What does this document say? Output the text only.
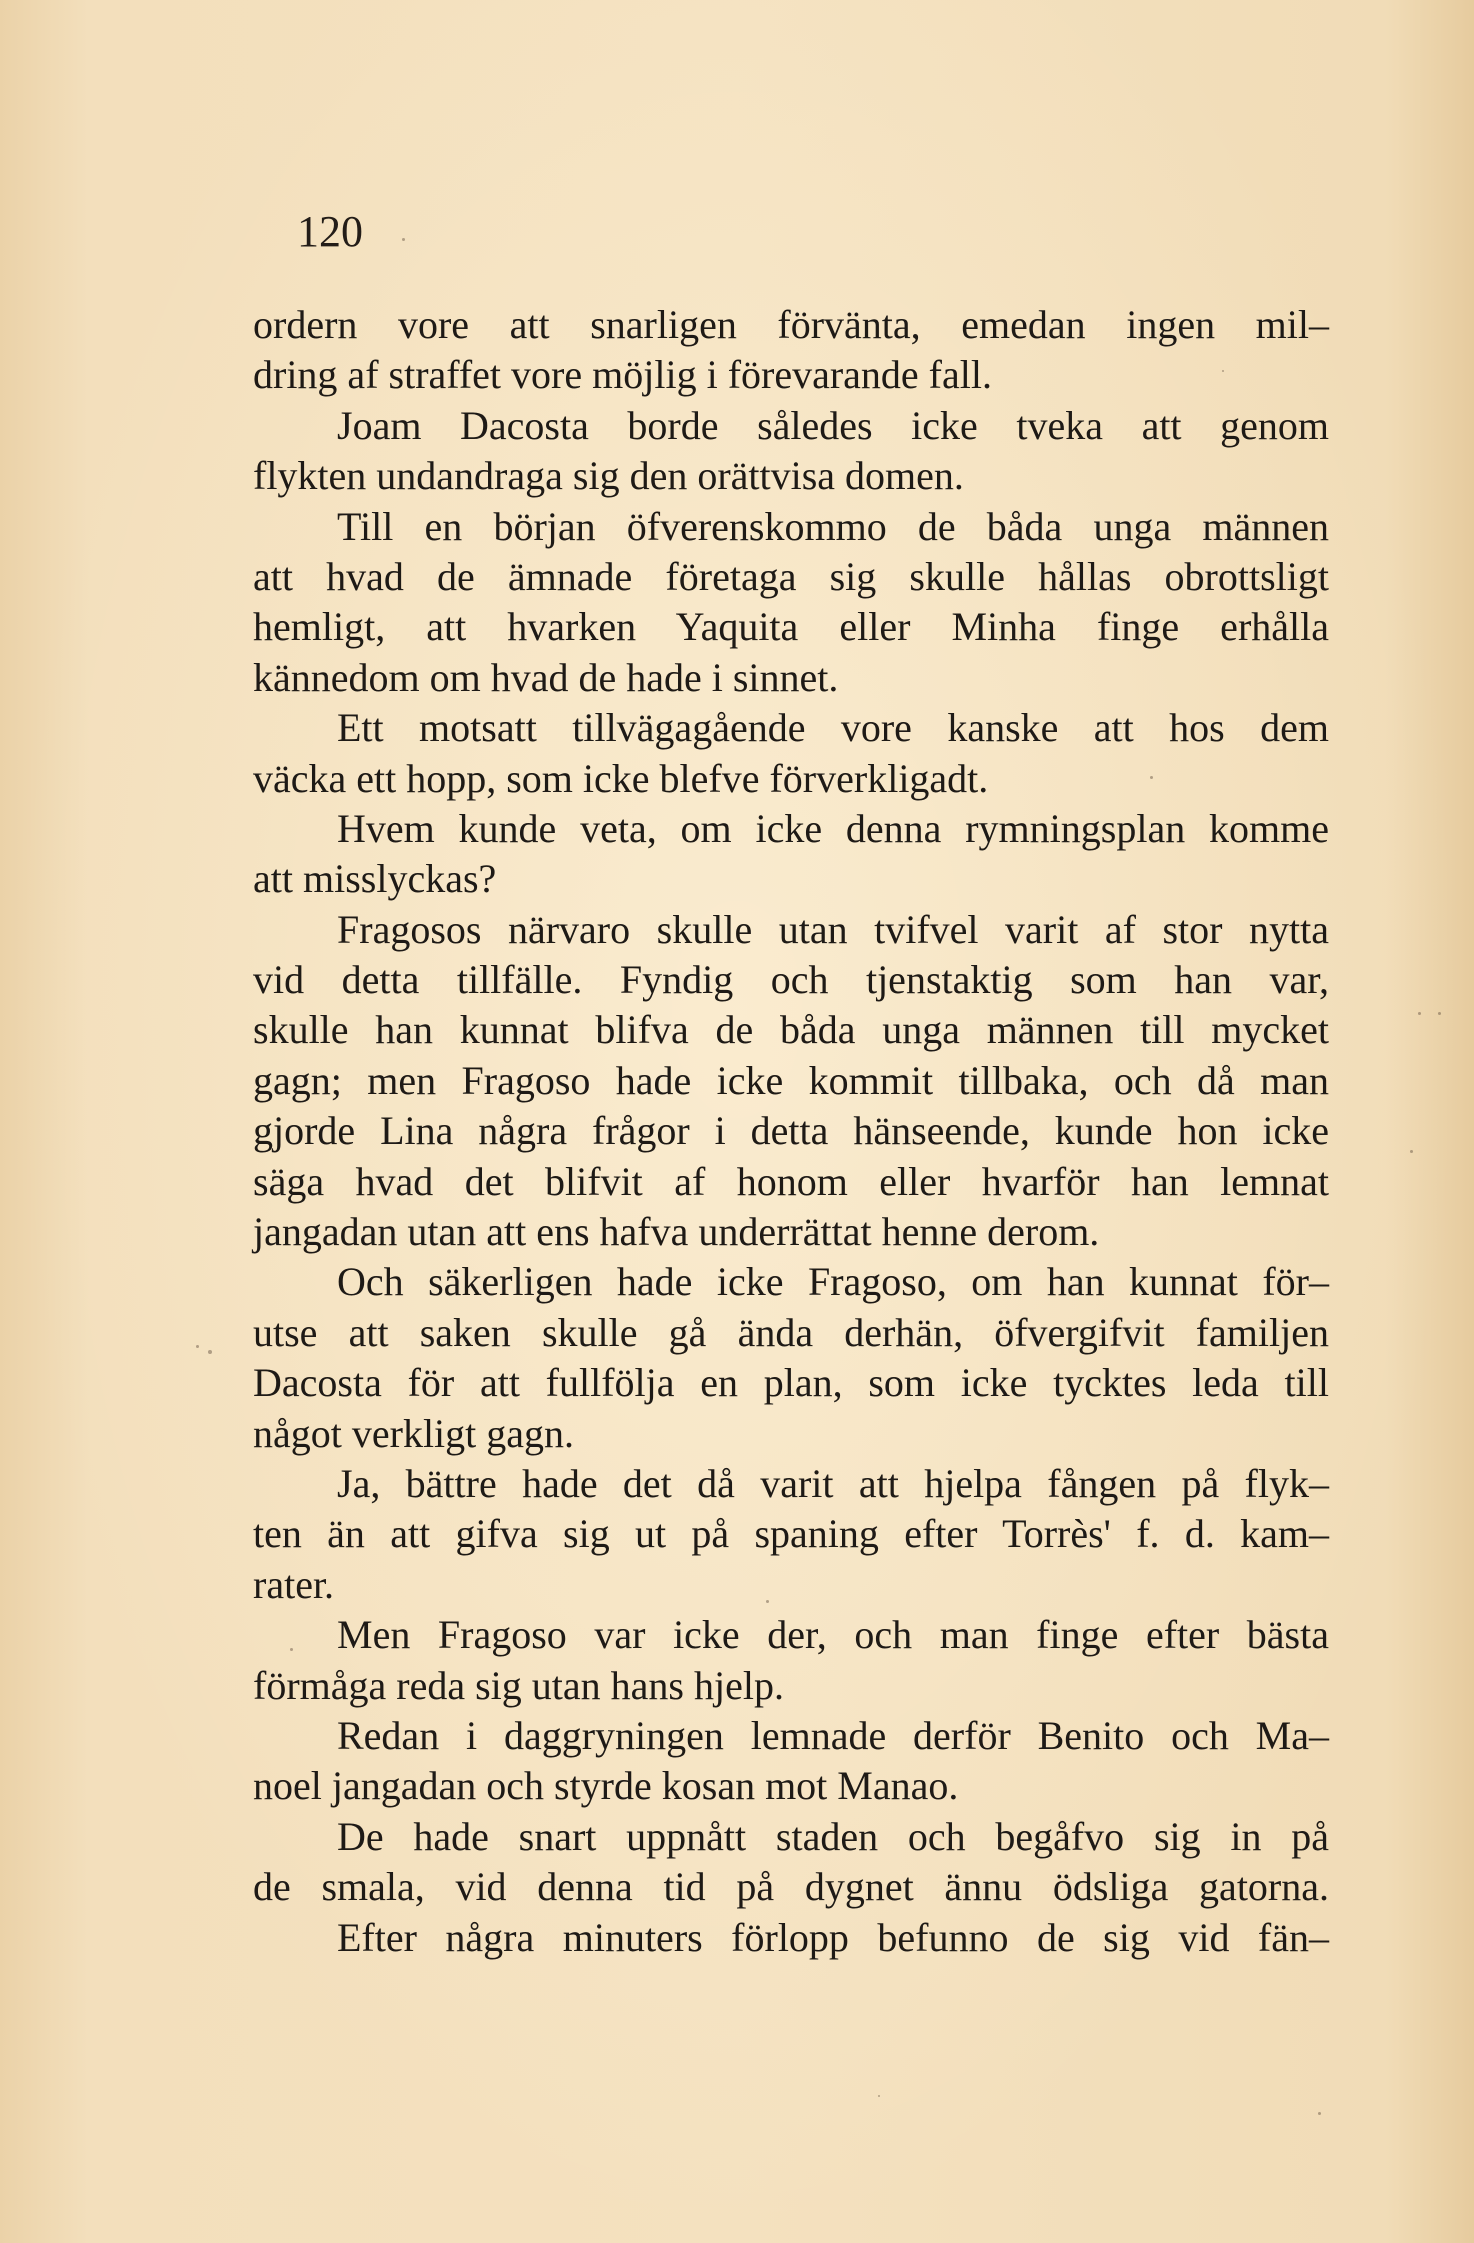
120
ordern vore att snarligen förvänta, emedan ingen mil–
dring af straffet vore möjlig i förevarande fall.
Joam Dacosta borde således icke tveka att genom
flykten undandraga sig den orättvisa domen.
Till en början öfverenskommo de båda unga männen
att hvad de ämnade företaga sig skulle hållas obrottsligt
hemligt, att hvarken Yaquita eller Minha finge erhålla
kännedom om hvad de hade i sinnet.
Ett motsatt tillvägagående vore kanske att hos dem
väcka ett hopp, som icke blefve förverkligadt.
Hvem kunde veta, om icke denna rymningsplan komme
att misslyckas?
Fragosos närvaro skulle utan tvifvel varit af stor nytta
vid detta tillfälle. Fyndig och tjenstaktig som han var,
skulle han kunnat blifva de båda unga männen till mycket
gagn; men Fragoso hade icke kommit tillbaka, och då man
gjorde Lina några frågor i detta hänseende, kunde hon icke
säga hvad det blifvit af honom eller hvarför han lemnat
jangadan utan att ens hafva underrättat henne derom.
Och säkerligen hade icke Fragoso, om han kunnat för–
utse att saken skulle gå ända derhän, öfvergifvit familjen
Dacosta för att fullfölja en plan, som icke tycktes leda till
något verkligt gagn.
Ja, bättre hade det då varit att hjelpa fången på flyk–
ten än att gifva sig ut på spaning efter Torrès' f. d. kam–
rater.
Men Fragoso var icke der, och man finge efter bästa
förmåga reda sig utan hans hjelp.
Redan i daggryningen lemnade derför Benito och Ma–
noel jangadan och styrde kosan mot Manao.
De hade snart uppnått staden och begåfvo sig in på
de smala, vid denna tid på dygnet ännu ödsliga gatorna.
Efter några minuters förlopp befunno de sig vid fän–
